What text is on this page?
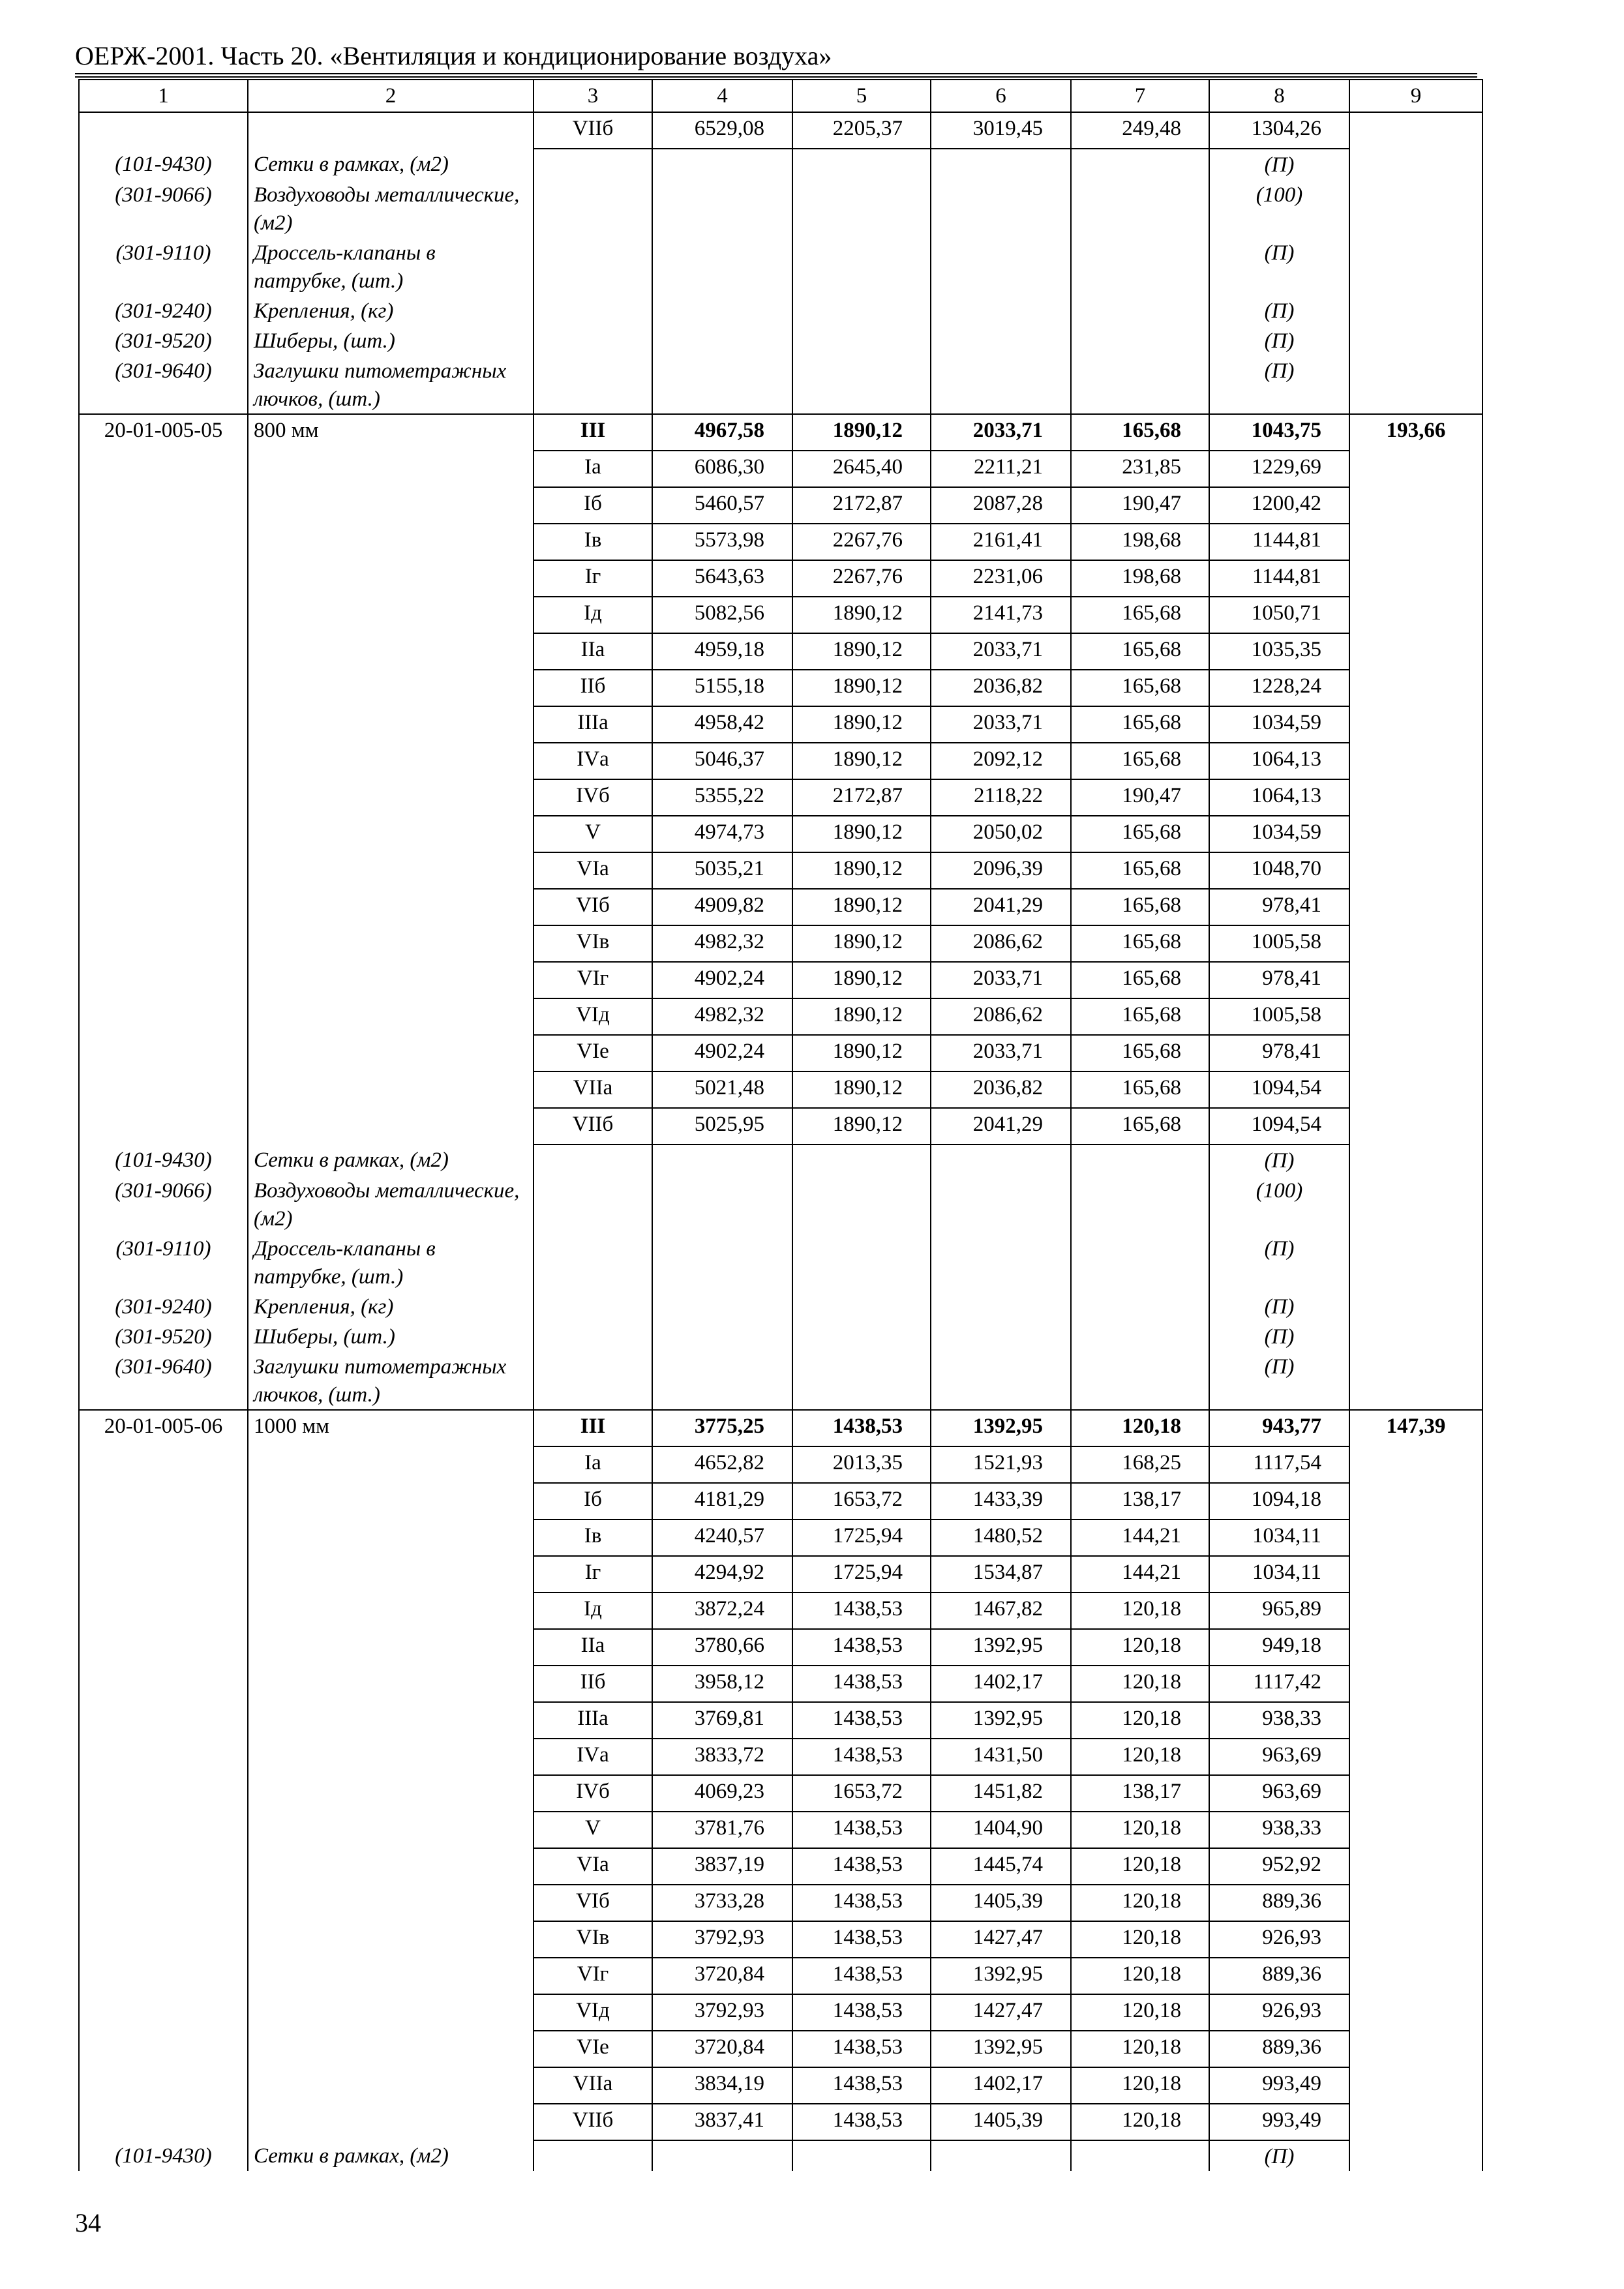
ОЕРЖ-2001. Часть 20. «Вентиляция и кондиционирование воздуха»
1	2	3	4	5	6	7	8	9
		VIIб	6529,08	2205,37	3019,45	249,48	1304,26	
(101-9430)	Сетки в рамках, (м2)						(П)	
(301-9066)	Воздуховоды металлические, (м2)						(100)	
(301-9110)	Дроссель-клапаны в патрубке, (шт.)						(П)	
(301-9240)	Крепления, (кг)						(П)	
(301-9520)	Шиберы, (шт.)						(П)	
(301-9640)	Заглушки питометражных лючков, (шт.)						(П)	
20-01-005-05	800 мм	III	4967,58	1890,12	2033,71	165,68	1043,75	193,66
		Iа	6086,30	2645,40	2211,21	231,85	1229,69	
		Iб	5460,57	2172,87	2087,28	190,47	1200,42	
		Iв	5573,98	2267,76	2161,41	198,68	1144,81	
		Iг	5643,63	2267,76	2231,06	198,68	1144,81	
		Iд	5082,56	1890,12	2141,73	165,68	1050,71	
		IIа	4959,18	1890,12	2033,71	165,68	1035,35	
		IIб	5155,18	1890,12	2036,82	165,68	1228,24	
		IIIа	4958,42	1890,12	2033,71	165,68	1034,59	
		IVа	5046,37	1890,12	2092,12	165,68	1064,13	
		IVб	5355,22	2172,87	2118,22	190,47	1064,13	
		V	4974,73	1890,12	2050,02	165,68	1034,59	
		VIа	5035,21	1890,12	2096,39	165,68	1048,70	
		VIб	4909,82	1890,12	2041,29	165,68	978,41	
		VIв	4982,32	1890,12	2086,62	165,68	1005,58	
		VIг	4902,24	1890,12	2033,71	165,68	978,41	
		VIд	4982,32	1890,12	2086,62	165,68	1005,58	
		VIе	4902,24	1890,12	2033,71	165,68	978,41	
		VIIа	5021,48	1890,12	2036,82	165,68	1094,54	
		VIIб	5025,95	1890,12	2041,29	165,68	1094,54	
(101-9430)	Сетки в рамках, (м2)						(П)	
(301-9066)	Воздуховоды металлические, (м2)						(100)	
(301-9110)	Дроссель-клапаны в патрубке, (шт.)						(П)	
(301-9240)	Крепления, (кг)						(П)	
(301-9520)	Шиберы, (шт.)						(П)	
(301-9640)	Заглушки питометражных лючков, (шт.)						(П)	
20-01-005-06	1000 мм	III	3775,25	1438,53	1392,95	120,18	943,77	147,39
		Iа	4652,82	2013,35	1521,93	168,25	1117,54	
		Iб	4181,29	1653,72	1433,39	138,17	1094,18	
		Iв	4240,57	1725,94	1480,52	144,21	1034,11	
		Iг	4294,92	1725,94	1534,87	144,21	1034,11	
		Iд	3872,24	1438,53	1467,82	120,18	965,89	
		IIа	3780,66	1438,53	1392,95	120,18	949,18	
		IIб	3958,12	1438,53	1402,17	120,18	1117,42	
		IIIа	3769,81	1438,53	1392,95	120,18	938,33	
		IVа	3833,72	1438,53	1431,50	120,18	963,69	
		IVб	4069,23	1653,72	1451,82	138,17	963,69	
		V	3781,76	1438,53	1404,90	120,18	938,33	
		VIа	3837,19	1438,53	1445,74	120,18	952,92	
		VIб	3733,28	1438,53	1405,39	120,18	889,36	
		VIв	3792,93	1438,53	1427,47	120,18	926,93	
		VIг	3720,84	1438,53	1392,95	120,18	889,36	
		VIд	3792,93	1438,53	1427,47	120,18	926,93	
		VIе	3720,84	1438,53	1392,95	120,18	889,36	
		VIIа	3834,19	1438,53	1402,17	120,18	993,49	
		VIIб	3837,41	1438,53	1405,39	120,18	993,49	
(101-9430)	Сетки в рамках, (м2)						(П)	
34
